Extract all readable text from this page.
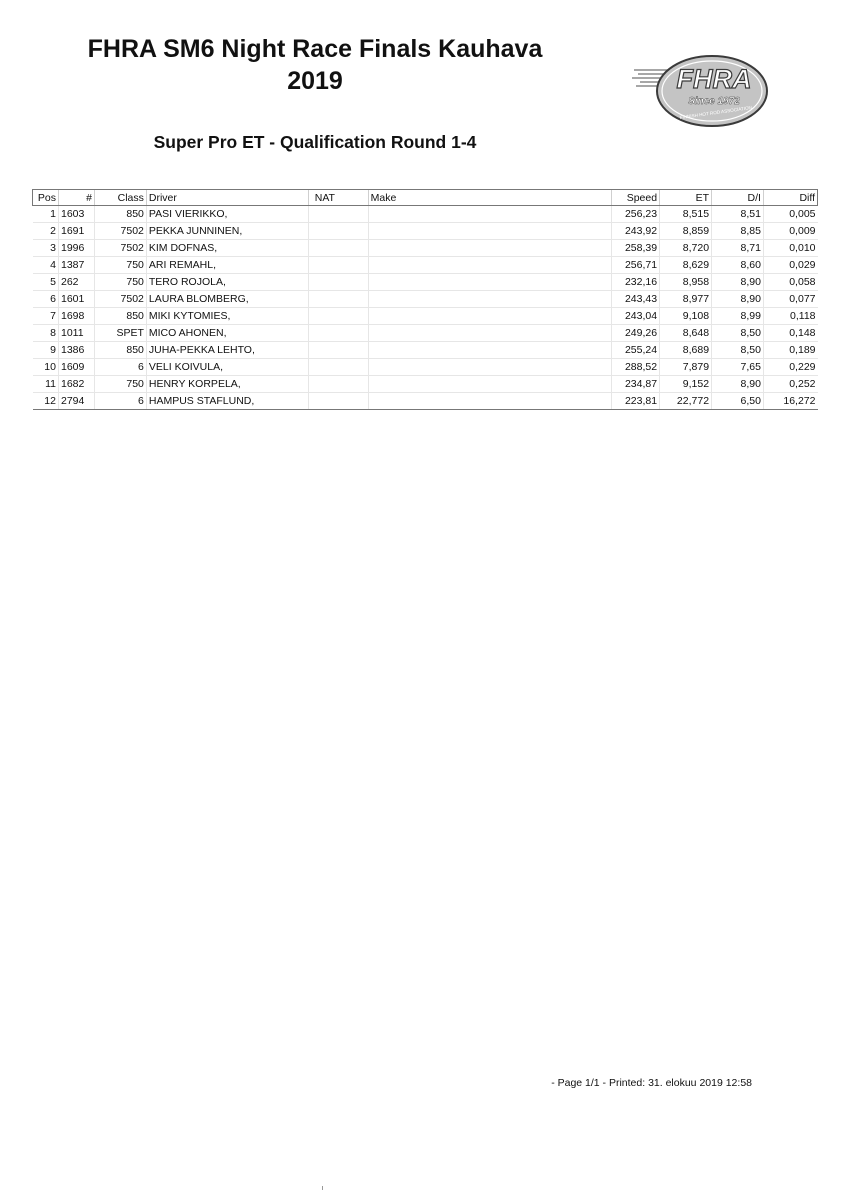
FHRA SM6 Night Race Finals Kauhava
2019	FHRA
Since 1972
FINNISH HOT ROD ASSOCIATION
Super Pro ET - Qualification Round 1-4
Pos	#	Class	Driver	NAT	Make	Speed	ET	D/I	Diff
1	1603	850	PASI VIERIKKO,			256,23	8,515	8,51	0,005
2	1691	7502	PEKKA JUNNINEN,			243,92	8,859	8,85	0,009
3	1996	7502	KIM DOFNAS,			258,39	8,720	8,71	0,010
4	1387	750	ARI REMAHL,			256,71	8,629	8,60	0,029
5	262	750	TERO ROJOLA,			232,16	8,958	8,90	0,058
6	1601	7502	LAURA BLOMBERG,			243,43	8,977	8,90	0,077
7	1698	850	MIKI KYTOMIES,			243,04	9,108	8,99	0,118
8	1011	SPET	MICO AHONEN,			249,26	8,648	8,50	0,148
9	1386	850	JUHA-PEKKA LEHTO,			255,24	8,689	8,50	0,189
10	1609	6	VELI KOIVULA,			288,52	7,879	7,65	0,229
11	1682	750	HENRY KORPELA,			234,87	9,152	8,90	0,252
12	2794	6	HAMPUS STAFLUND,			223,81	22,772	6,50	16,272
- Page 1/1 - Printed: 31. elokuu 2019 12:58
